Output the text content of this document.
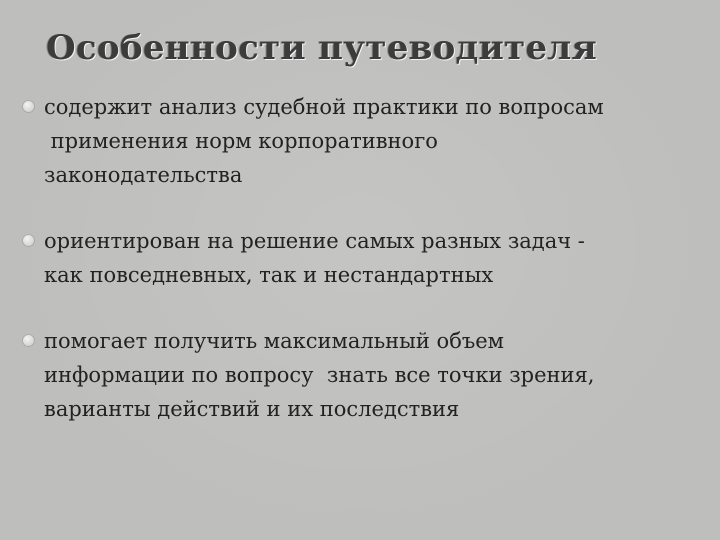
Особенности путеводителя
содержит анализ судебной практики по вопросам
применения норм корпоративного
законодательства
ориентирован на решение самых разных задач -
как повседневных, так и нестандартных
помогает получить максимальный объем
информации по вопросу  знать все точки зрения,
варианты действий и их последствия
